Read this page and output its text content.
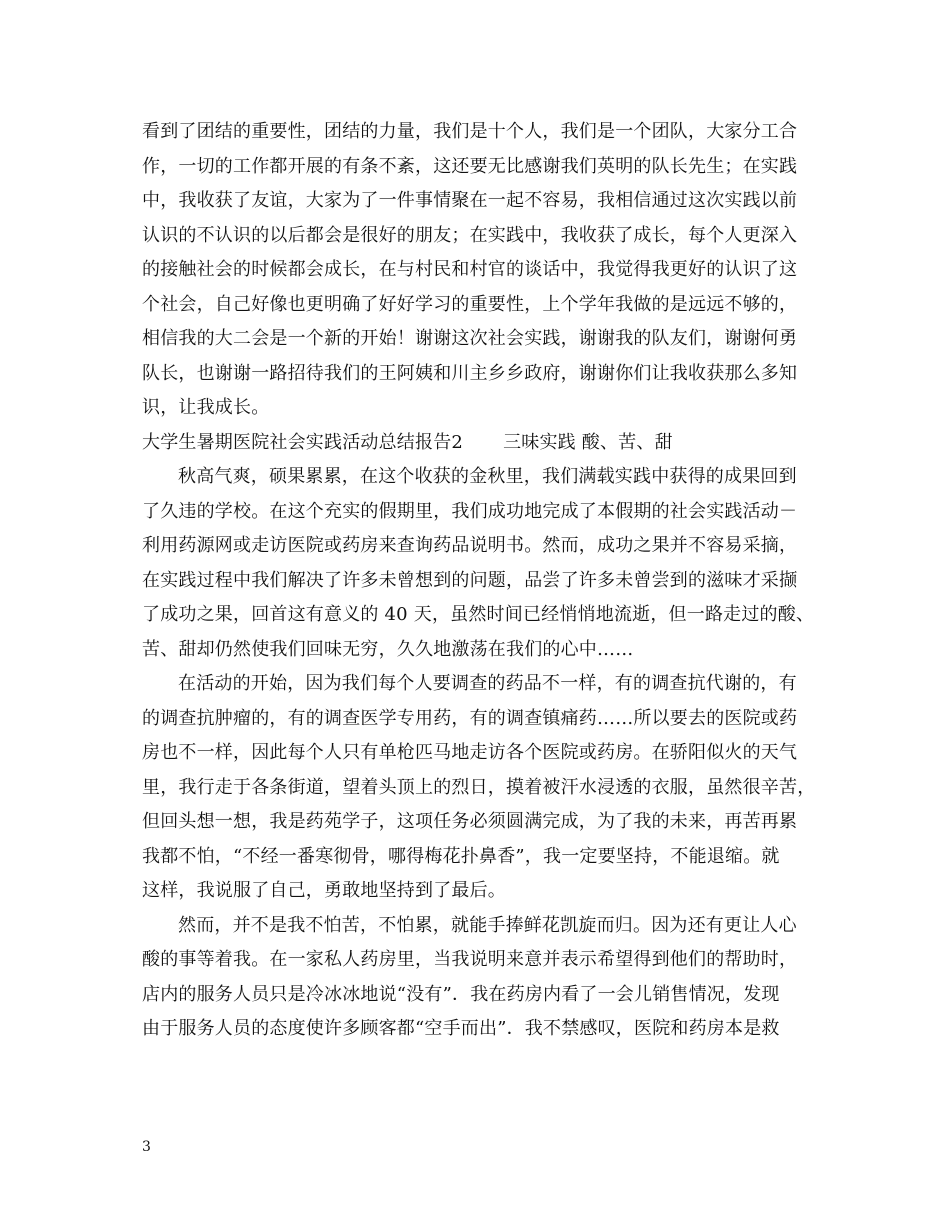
看到了团结的重要性，团结的力量，我们是十个人，我们是一个团队，大家分工合
作，一切的工作都开展的有条不紊，这还要无比感谢我们英明的队长先生；在实践
中，我收获了友谊，大家为了一件事情聚在一起不容易，我相信通过这次实践以前
认识的不认识的以后都会是很好的朋友；在实践中，我收获了成长，每个人更深入
的接触社会的时候都会成长，在与村民和村官的谈话中，我觉得我更好的认识了这
个社会，自己好像也更明确了好好学习的重要性，上个学年我做的是远远不够的，
相信我的大二会是一个新的开始！谢谢这次社会实践，谢谢我的队友们，谢谢何勇
队长，也谢谢一路招待我们的王阿姨和川主乡乡政府，谢谢你们让我收获那么多知
识，让我成长。
大学生暑期医院社会实践活动总结报告2 三味实践 酸、苦、甜
秋高气爽，硕果累累，在这个收获的金秋里，我们满载实践中获得的成果回到
了久违的学校。在这个充实的假期里，我们成功地完成了本假期的社会实践活动－
利用药源网或走访医院或药房来查询药品说明书。然而，成功之果并不容易采摘，
在实践过程中我们解决了许多未曾想到的问题，品尝了许多未曾尝到的滋味才采撷
了成功之果，回首这有意义的 40 天，虽然时间已经悄悄地流逝，但一路走过的酸、
苦、甜却仍然使我们回味无穷，久久地激荡在我们的心中……
在活动的开始，因为我们每个人要调查的药品不一样，有的调查抗代谢的，有
的调查抗肿瘤的，有的调查医学专用药，有的调查镇痛药……所以要去的医院或药
房也不一样，因此每个人只有单枪匹马地走访各个医院或药房。在骄阳似火的天气
里，我行走于各条街道，望着头顶上的烈日，摸着被汗水浸透的衣服，虽然很辛苦，
但回头想一想，我是药苑学子，这项任务必须圆满完成，为了我的未来，再苦再累
我都不怕，“不经一番寒彻骨，哪得梅花扑鼻香”，我一定要坚持，不能退缩。就
这样，我说服了自己，勇敢地坚持到了最后。
然而，并不是我不怕苦，不怕累，就能手捧鲜花凯旋而归。因为还有更让人心
酸的事等着我。在一家私人药房里，当我说明来意并表示希望得到他们的帮助时，
店内的服务人员只是冷冰冰地说“没有”．我在药房内看了一会儿销售情况，发现
由于服务人员的态度使许多顾客都“空手而出”．我不禁感叹，医院和药房本是救
3
